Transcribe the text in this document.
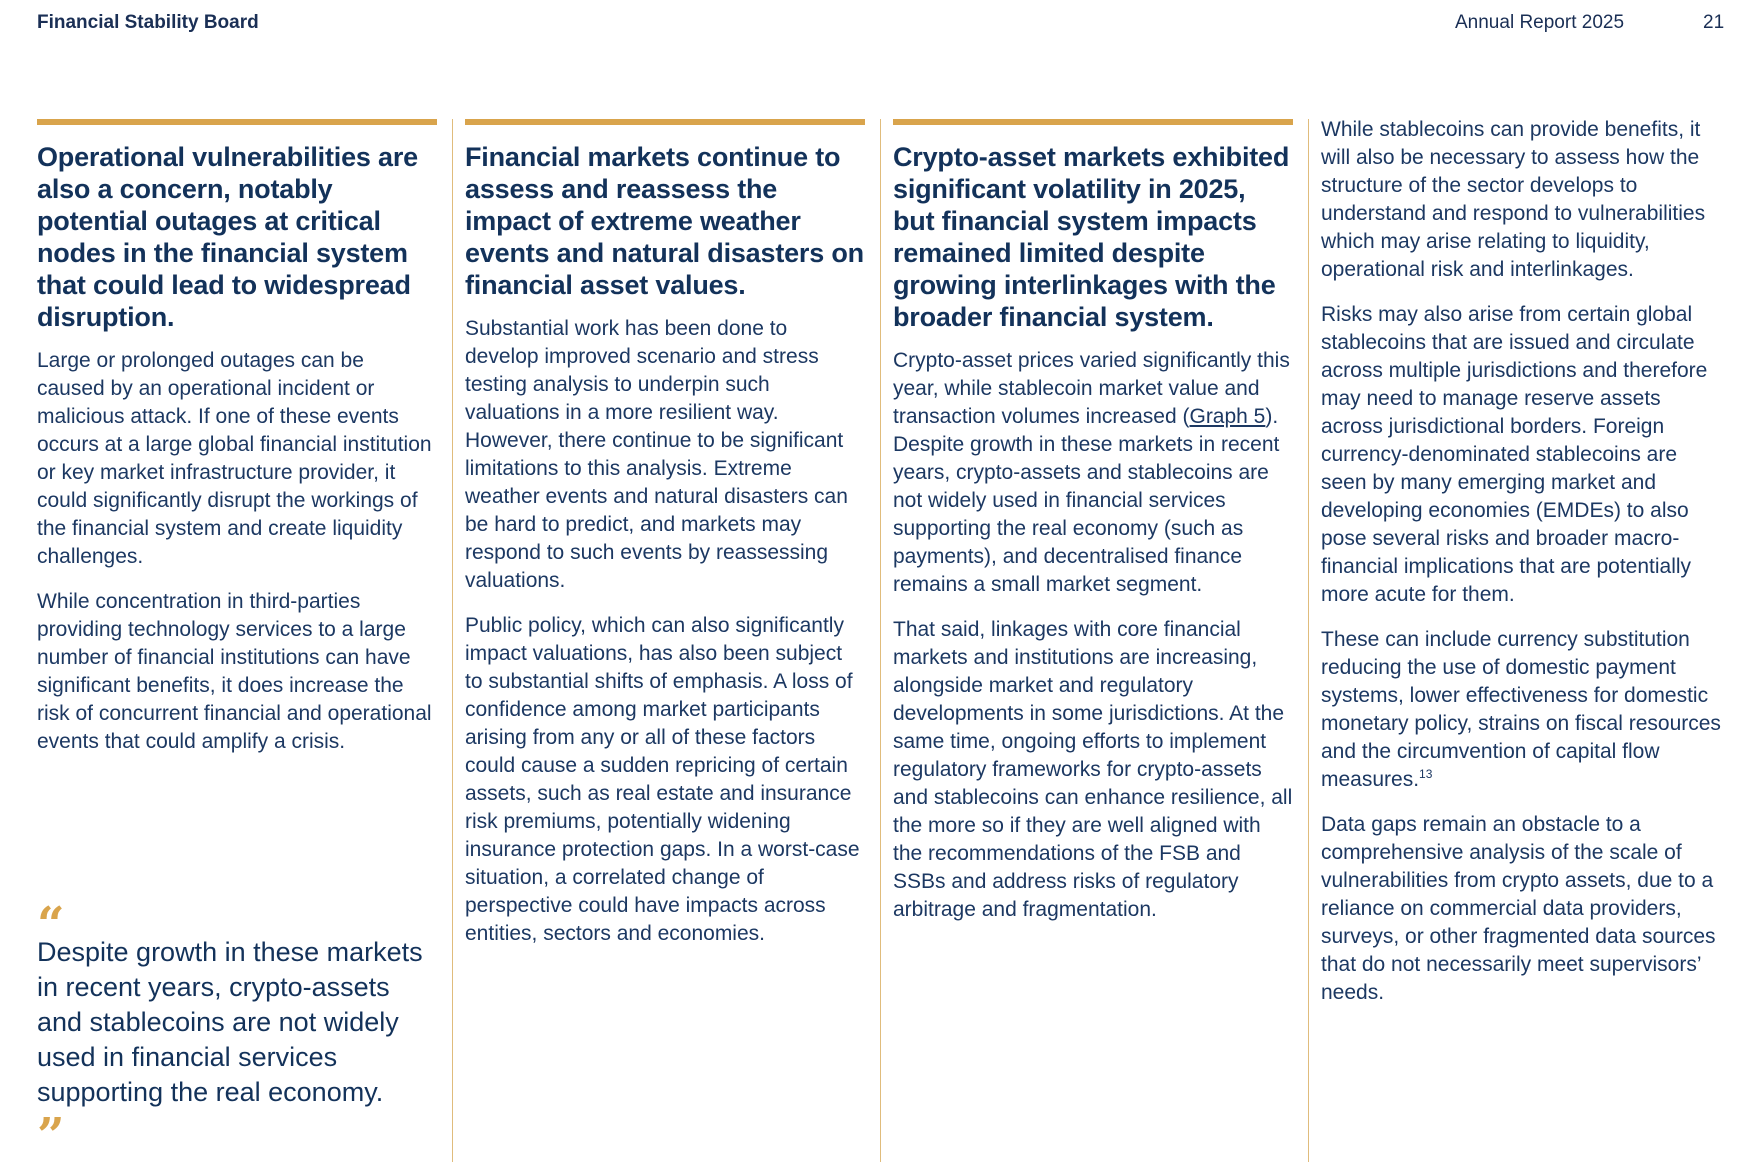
Financial Stability Board	Annual Report 2025	21
Operational vulnerabilities are also a concern, notably potential outages at critical nodes in the financial system that could lead to widespread disruption.

Large or prolonged outages can be caused by an operational incident or malicious attack. If one of these events occurs at a large global financial institution or key market infrastructure provider, it could significantly disrupt the workings of the financial system and create liquidity challenges.

While concentration in third-parties providing technology services to a large number of financial institutions can have significant benefits, it does increase the risk of concurrent financial and operational events that could amplify a crisis.

“
Despite growth in these markets in recent years, crypto-assets and stablecoins are not widely used in financial services supporting the real economy.
”
Financial markets continue to assess and reassess the impact of extreme weather events and natural disasters on financial asset values.

Substantial work has been done to develop improved scenario and stress testing analysis to underpin such valuations in a more resilient way. However, there continue to be significant limitations to this analysis. Extreme weather events and natural disasters can be hard to predict, and markets may respond to such events by reassessing valuations.

Public policy, which can also significantly impact valuations, has also been subject to substantial shifts of emphasis. A loss of confidence among market participants arising from any or all of these factors could cause a sudden repricing of certain assets, such as real estate and insurance risk premiums, potentially widening insurance protection gaps. In a worst-case situation, a correlated change of perspective could have impacts across entities, sectors and economies.

Crypto-asset markets exhibited significant volatility in 2025, but financial system impacts remained limited despite growing interlinkages with the broader financial system.

Crypto-asset prices varied significantly this year, while stablecoin market value and transaction volumes increased (Graph 5). Despite growth in these markets in recent years, crypto-assets and stablecoins are not widely used in financial services supporting the real economy (such as payments), and decentralised finance remains a small market segment.

That said, linkages with core financial markets and institutions are increasing, alongside market and regulatory developments in some jurisdictions. At the same time, ongoing efforts to implement regulatory frameworks for crypto-assets and stablecoins can enhance resilience, all the more so if they are well aligned with the recommendations of the FSB and SSBs and address risks of regulatory arbitrage and fragmentation.

While stablecoins can provide benefits, it will also be necessary to assess how the structure of the sector develops to understand and respond to vulnerabilities which may arise relating to liquidity, operational risk and interlinkages.

Risks may also arise from certain global stablecoins that are issued and circulate across multiple jurisdictions and therefore may need to manage reserve assets across jurisdictional borders. Foreign currency-denominated stablecoins are seen by many emerging market and developing economies (EMDEs) to also pose several risks and broader macro-financial implications that are potentially more acute for them.

These can include currency substitution reducing the use of domestic payment systems, lower effectiveness for domestic monetary policy, strains on fiscal resources and the circumvention of capital flow measures.$^{13}$

Data gaps remain an obstacle to a comprehensive analysis of the scale of vulnerabilities from crypto assets, due to a reliance on commercial data providers, surveys, or other fragmented data sources that do not necessarily meet supervisors’ needs.
